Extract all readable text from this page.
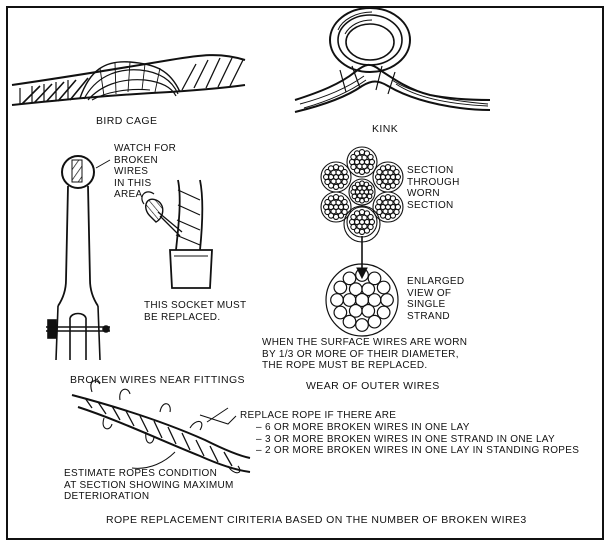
BIRD CAGE
KINK
WATCH FOR
BROKEN
WIRES
IN THIS
AREA
THIS SOCKET MUST
BE REPLACED.
BROKEN WIRES NEAR FITTINGS
SECTION
THROUGH
WORN
SECTION
ENLARGED
VIEW OF
SINGLE
STRAND
WHEN THE SURFACE WIRES ARE WORN
BY 1/3 OR MORE OF THEIR DIAMETER,
THE ROPE MUST BE REPLACED.
WEAR OF OUTER WIRES
REPLACE ROPE IF THERE ARE
– 6 OR MORE BROKEN WIRES IN ONE LAY
– 3 OR MORE BROKEN WIRES IN ONE STRAND IN ONE LAY
– 2 OR MORE BROKEN WIRES IN ONE LAY IN STANDING ROPES
ESTIMATE ROPES CONDITION
AT SECTION SHOWING MAXIMUM
DETERIORATION
ROPE REPLACEMENT CIRITERIA BASED ON THE NUMBER OF BROKEN WIRE3
